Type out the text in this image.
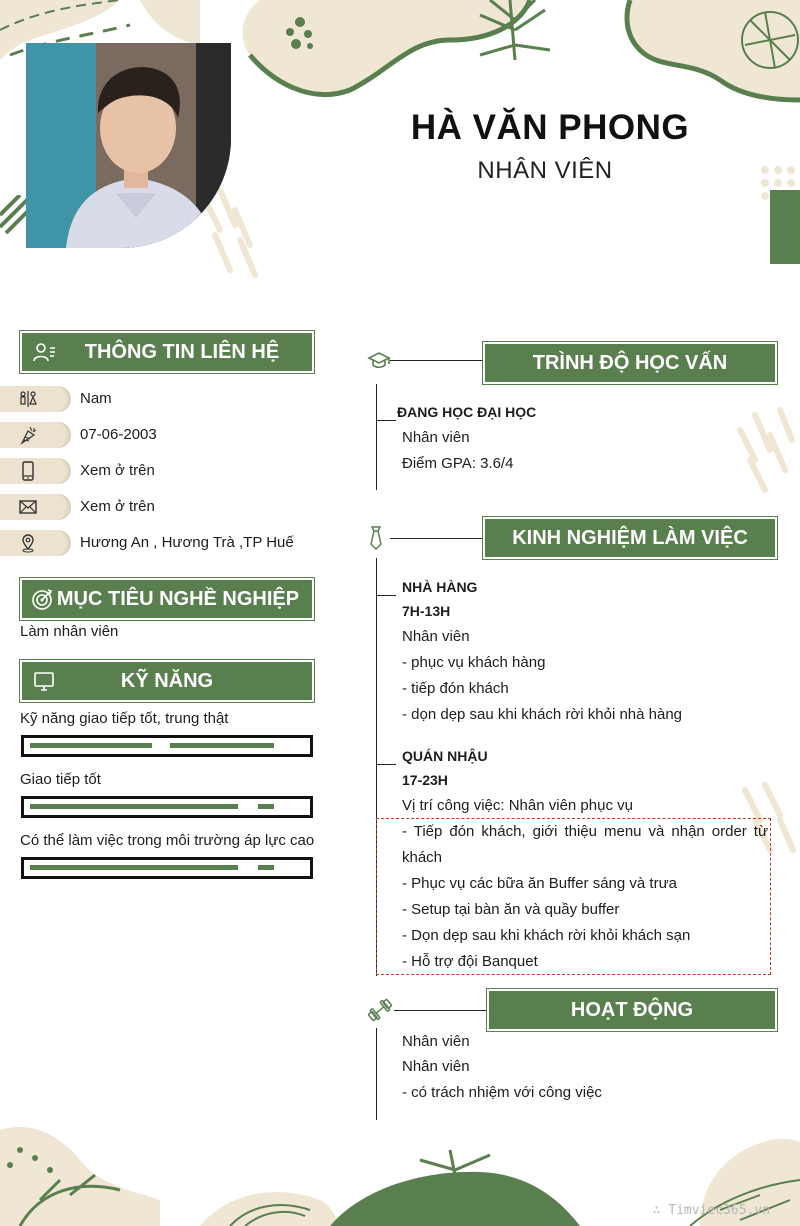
HÀ VĂN PHONG
NHÂN VIÊN
THÔNG TIN LIÊN HỆ
Nam
07-06-2003
Xem ở trên
Xem ở trên
Hương An , Hương Trà ,TP Huế
MỤC TIÊU NGHỀ NGHIỆP
Làm nhân viên
KỸ NĂNG
Kỹ năng giao tiếp tốt, trung thật
Giao tiếp tốt
Có thể làm việc trong môi trường áp lực cao
TRÌNH ĐỘ HỌC VẤN
ĐANG HỌC ĐẠI HỌC
Nhân viên
Điểm GPA: 3.6/4
KINH NGHIỆM LÀM VIỆC
NHÀ HÀNG
7H-13H
Nhân viên
- phục vụ khách hàng
- tiếp đón khách
- dọn dẹp sau khi khách rời khỏi nhà hàng
QUÁN NHẬU
17-23H
Vị trí công việc: Nhân viên phục vụ
- Tiếp đón khách, giới thiệu menu và nhận order từ
khách
- Phục vụ các bữa ăn Buffer sáng và trưa
- Setup tại bàn ăn và quầy buffer
- Dọn dẹp sau khi khách rời khỏi khách sạn
- Hỗ trợ đội Banquet
HOẠT ĐỘNG
Nhân viên
Nhân viên
- có trách nhiệm với công việc
∴ Timviec365.vn
